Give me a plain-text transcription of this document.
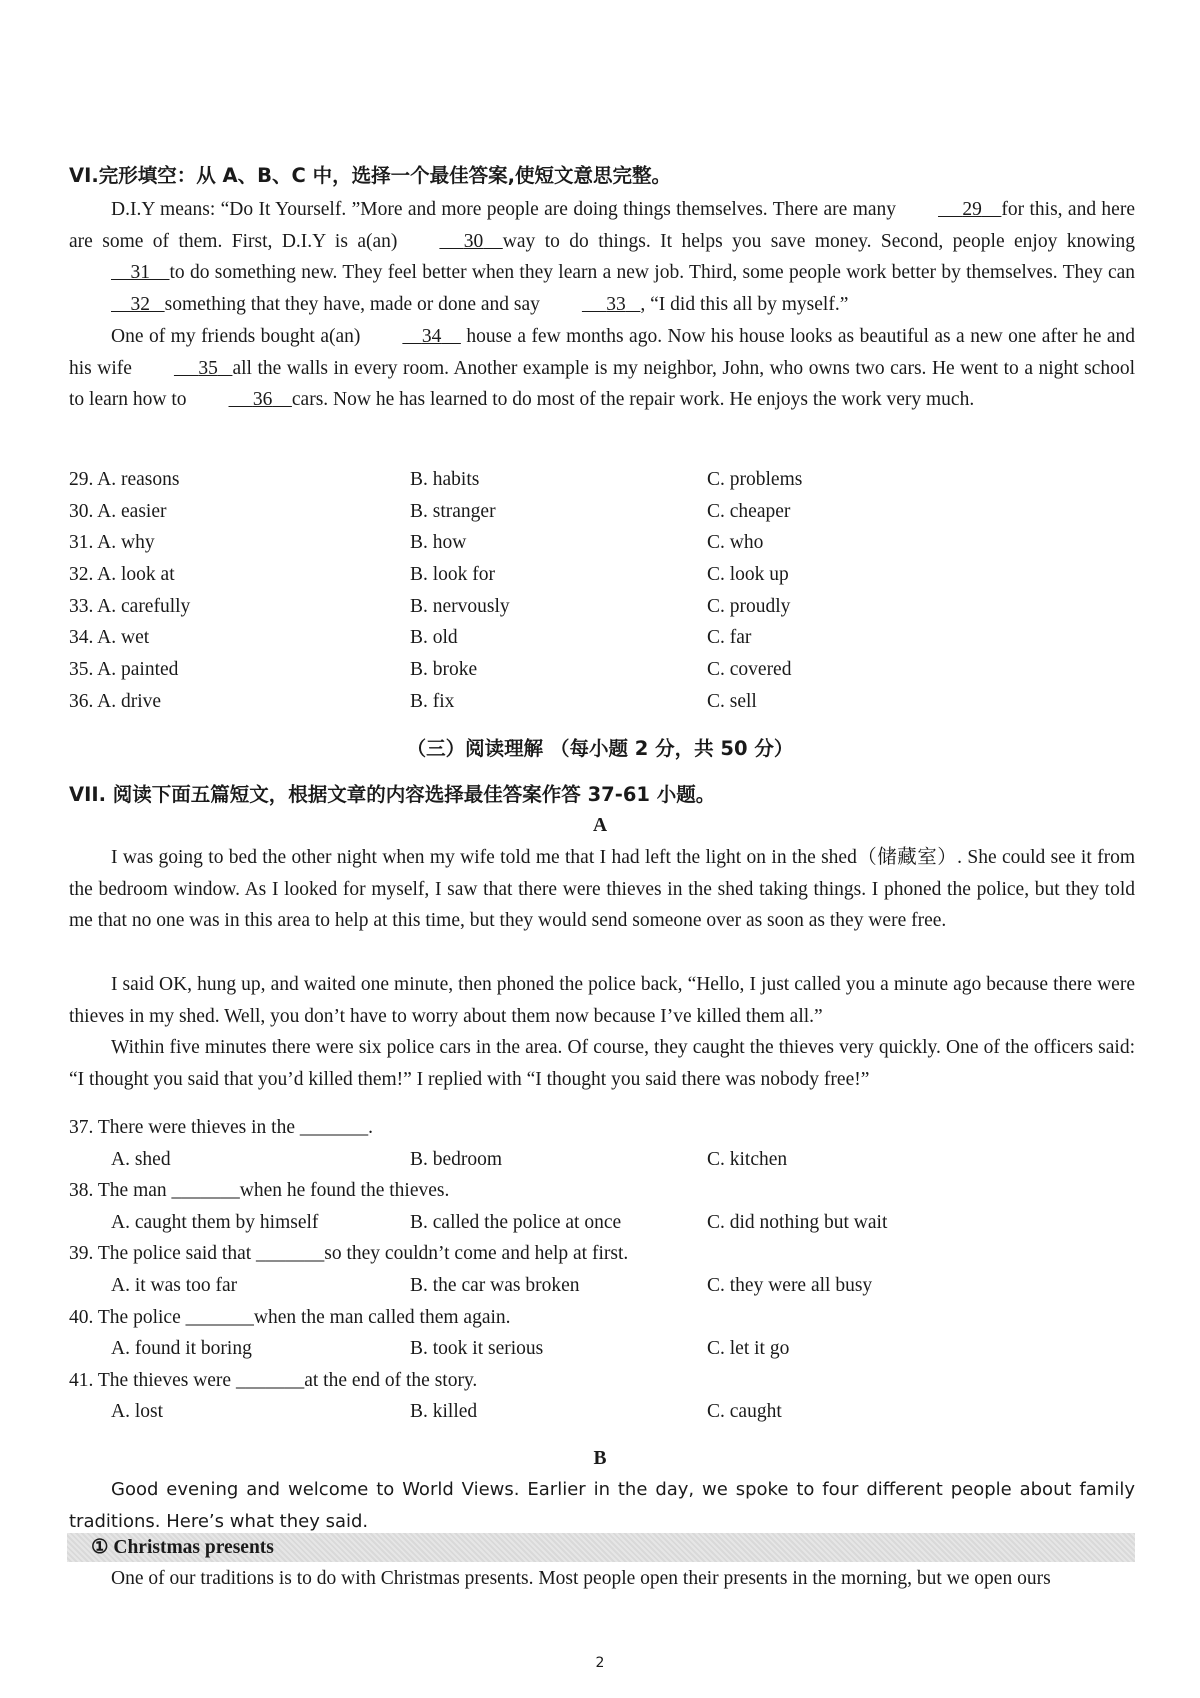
VI.完形填空：从 A、B、C 中，选择一个最佳答案,使短文意思完整。
D.I.Y means: “Do It Yourself. ”More and more people are doing things themselves. There are many	29 for this, and here are some of them. First, D.I.Y is a(an)	30 way to do things. It helps you save money. Second, people enjoy knowing    31 to do something new. They feel better when they learn a new job. Third, some people work better by themselves. They can    32 something that they have, made or done and say	33 , “I did this all by myself.”
One of my friends bought a(an)	34     house a few months ago. Now his house looks as beautiful as a new one after he and his wife	35 all the walls in every room. Another example is my neighbor, John, who owns two cars. He went to a night school to learn how to	36 cars. Now he has learned to do most of the repair work. He enjoys the work very much.
29. A. reasons	B. habits	C. problems
30. A. easier	B. stranger	C. cheaper
31. A. why	B. how	C. who
32. A. look at	B. look for	C. look up
33. A. carefully	B. nervously	C. proudly
34. A. wet	B. old	C. far
35. A. painted	B. broke	C. covered
36. A. drive	B. fix	C. sell
（三）阅读理解 （每小题 2 分，共 50 分）
VII. 阅读下面五篇短文，根据文章的内容选择最佳答案作答 37-61 小题。
A
I was going to bed the other night when my wife told me that I had left the light on in the shed（储藏室）. She could see it from the bedroom window. As I looked for myself, I saw that there were thieves in the shed taking things. I phoned the police, but they told me that no one was in this area to help at this time, but they would send someone over as soon as they were free.
I said OK, hung up, and waited one minute, then phoned the police back, “Hello, I just called you a minute ago because there were thieves in my shed. Well, you don’t have to worry about them now because I’ve killed them all.”
Within five minutes there were six police cars in the area. Of course, they caught the thieves very quickly. One of the officers said: “I thought you said that you’d killed them!” I replied with “I thought you said there was nobody free!”
37. There were thieves in the _______.
A. shed	B. bedroom	C. kitchen
38. The man _______when he found the thieves.
A. caught them by himself	B. called the police at once	C. did nothing but wait
39. The police said that _______so they couldn’t come and help at first.
A. it was too far	B. the car was broken	C. they were all busy
40. The police _______when the man called them again.
A. found it boring	B. took it serious	C. let it go
41. The thieves were _______at the end of the story.
A. lost	B. killed	C. caught
B
Good evening and welcome to World Views. Earlier in the day, we spoke to four different people about family traditions. Here’s what they said.
① Christmas presents
One of our traditions is to do with Christmas presents. Most people open their presents in the morning, but we open ours
2
